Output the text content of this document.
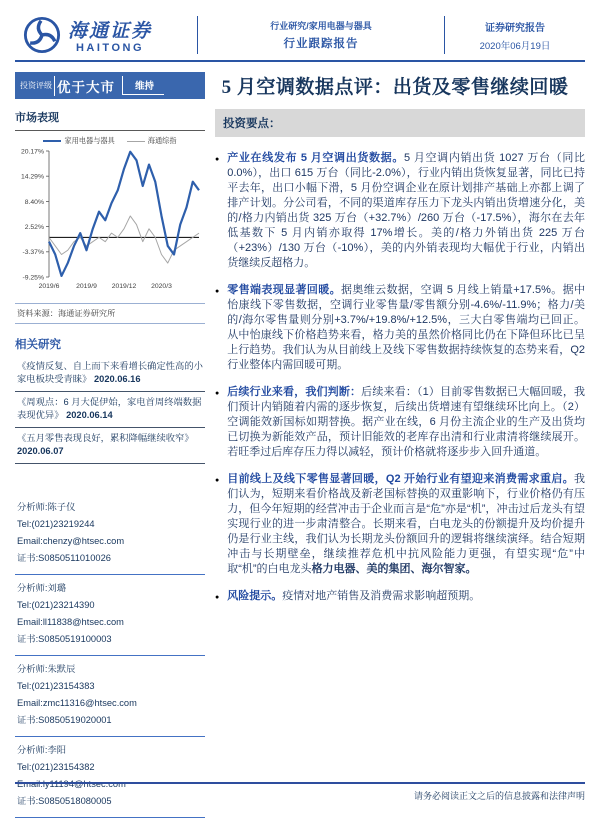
海通证券
HAITONG
行业研究/家用电器与器具
行业跟踪报告
证券研究报告
2020年06月19日
投资评级 优于大市	维持	5 月空调数据点评：出货及零售继续回暖
市场表现
家用电器与器具	海通综指
20.17%
14.29%
8.40%
2.52%
-3.37%
-9.25%
2019/6 2019/9 2019/12 2020/3
资料来源：海通证券研究所
相关研究
《疫情反复、自上而下来看增长确定性高的小家电板块受青睐》 2020.06.16
《周观点：6 月大促伊始，家电首周终端数据表现优异》 2020.06.14
《五月零售表现良好，累积降幅继续收窄》 2020.06.07
分析师:陈子仪
Tel:(021)23219244
Email:chenzy@htsec.com
证书:S0850511010026
分析师:刘璐
Tel:(021)23214390
Email:ll11838@htsec.com
证书:S0850519100003
分析师:朱默辰
Tel:(021)23154383
Email:zmc11316@htsec.com
证书:S0850519020001
分析师:李阳
Tel:(021)23154382
Email:ly11194@htsec.com
证书:S0850518080005
投资要点：
● 产业在线发布 5 月空调出货数据。5 月空调内销出货 1027 万台（同比 0.0%），出口 615 万台（同比-2.0%），行业内销出货恢复显著，同比已持平去年，出口小幅下滑，5 月份空调企业在原计划排产基础上亦都上调了排产计划。分公司看，不同的渠道库存压力下龙头内销出货增速分化，美的/格力内销出货 325 万台（+32.7%）/260 万台（-17.5%），海尔在去年低基数下 5 月内销亦取得 17%增长。美的/格力外销出货 225 万台（+23%）/130 万台（-10%），美的内外销表现均大幅优于行业，内销出货继续反超格力。

● 零售端表现显著回暖。据奥维云数据，空调 5 月线上销量+17.5%。据中怡康线下零售数据，空调行业零售量/零售额分别-4.6%/-11.9%；格力/美的/海尔零售量则分别+3.7%/+19.8%/+12.5%，三大白零售端均已回正。从中怡康线下价格趋势来看，格力美的虽然价格同比仍在下降但环比已呈上行趋势。我们认为从目前线上及线下零售数据持续恢复的态势来看，Q2 行业整体内需回暖可期。

● 后续行业来看，我们判断：后续来看：（1）目前零售数据已大幅回暖，我们预计内销随着内需的逐步恢复，后续出货增速有望继续环比向上。（2）空调能效新国标如期替换。据产业在线，6 月份主流企业的生产及出货均已切换为新能效产品，预计旧能效的老库存出清和行业肃清将继续展开。若旺季过后库存压力得以减轻，预计价格就将逐步步入回升通道。

● 目前线上及线下零售显著回暖，Q2 开始行业有望迎来消费需求重启。我们认为，短期来看价格战及新老国标替换的双重影响下，行业价格仍有压力，但今年短期的经营冲击于企业而言是“危”亦是“机”，冲击过后龙头有望实现行业的进一步肃清整合。长期来看，白电龙头的份额提升及均价提升仍是行业主线，我们认为长期龙头份额回升的逻辑将继续演绎。结合短期冲击与长期壁垒，继续推荐危机中抗风险能力更强，有望实现“危”中取“机”的白电龙头格力电器、美的集团、海尔智家。

● 风险提示。疫情对地产销售及消费需求影响超预期。

请务必阅读正文之后的信息披露和法律声明
